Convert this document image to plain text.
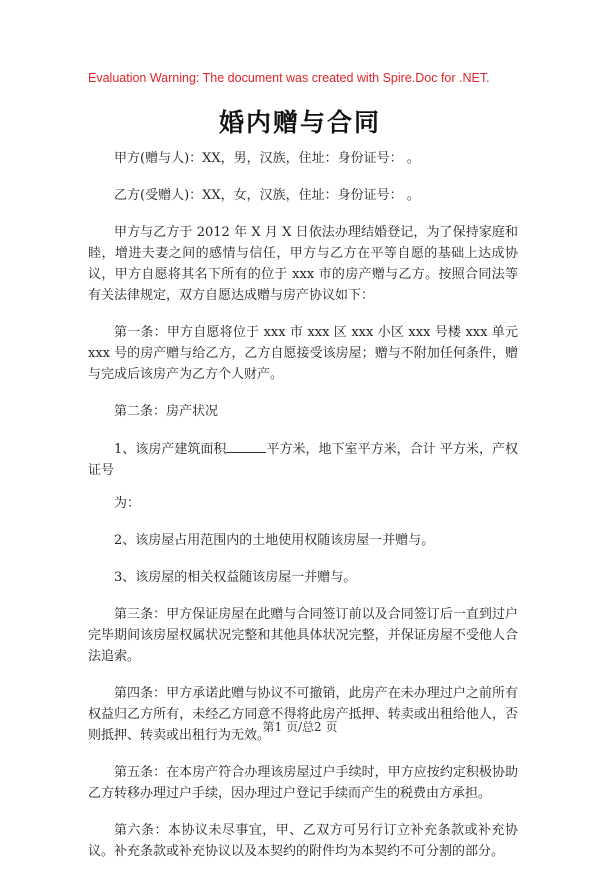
Evaluation Warning: The document was created with Spire.Doc for .NET.
婚内赠与合同

甲方(赠与人)：XX，男，汉族，住址：身份证号： 。

乙方(受赠人)：XX，女，汉族，住址：身份证号： 。

甲方与乙方于 2012 年 X 月 X 日依法办理结婚登记，为了保持家庭和睦，增进夫妻之间的感情与信任，甲方与乙方在平等自愿的基础上达成协议，甲方自愿将其名下所有的位于 xxx 市的房产赠与乙方。按照合同法等有关法律规定，双方自愿达成赠与房产协议如下：

第一条：甲方自愿将位于 xxx 市 xxx 区 xxx 小区 xxx 号楼 xxx 单元 xxx 号的房产赠与给乙方，乙方自愿接受该房屋；赠与不附加任何条件，赠与完成后该房产为乙方个人财产。

第二条：房产状况

1、该房产建筑面积	平方米，地下室平方米，合计 平方米，产权证号

为：

2、该房屋占用范围内的土地使用权随该房屋一并赠与。

3、该房屋的相关权益随该房屋一并赠与。

第三条：甲方保证房屋在此赠与合同签订前以及合同签订后一直到过户完毕期间该房屋权属状况完整和其他具体状况完整，并保证房屋不受他人合法追索。

第四条：甲方承诺此赠与协议不可撤销，此房产在未办理过户之前所有权益归乙方所有，未经乙方同意不得将此房产抵押、转卖或出租给他人，否则抵押、转卖或出租行为无效。

第五条：在本房产符合办理该房屋过户手续时，甲方应按约定积极协助乙方转移办理过户手续，因办理过户登记手续而产生的税费由方承担。

第六条：本协议未尽事宜，甲、乙双方可另行订立补充条款或补充协议。补充条款或补充协议以及本契约的附件均为本契约不可分割的部分。

第1 页/总2 页
